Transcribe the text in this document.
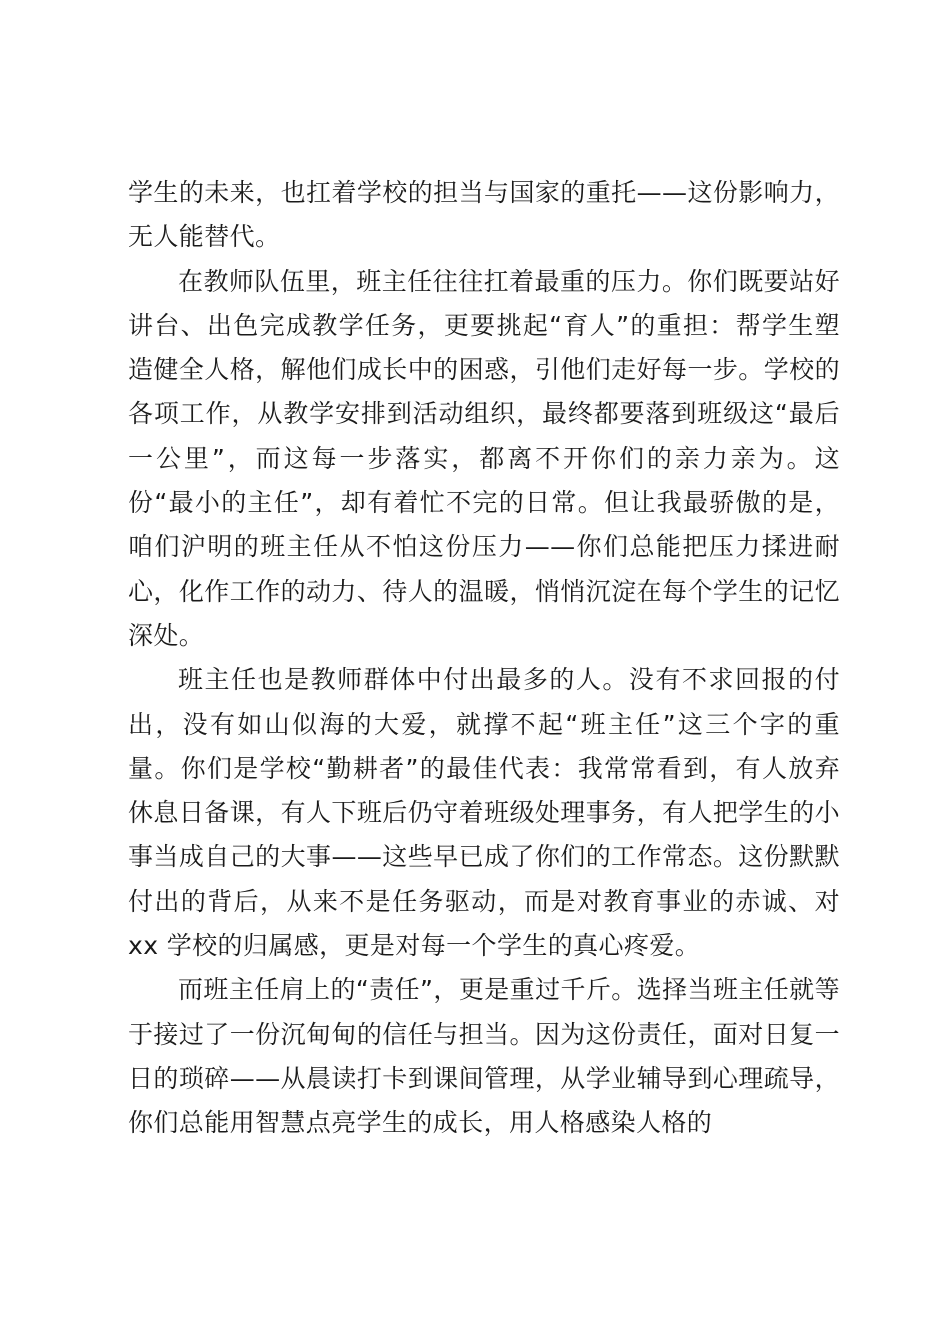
学生的未来，也扛着学校的担当与国家的重托——这份影响力，无人能替代。

在教师队伍里，班主任往往扛着最重的压力。你们既要站好讲台、出色完成教学任务，更要挑起“育人”的重担：帮学生塑造健全人格，解他们成长中的困惑，引他们走好每一步。学校的各项工作，从教学安排到活动组织，最终都要落到班级这“最后一公里”，而这每一步落实，都离不开你们的亲力亲为。这份“最小的主任”，却有着忙不完的日常。但让我最骄傲的是，咱们沪明的班主任从不怕这份压力——你们总能把压力揉进耐心，化作工作的动力、待人的温暖，悄悄沉淀在每个学生的记忆深处。

班主任也是教师群体中付出最多的人。没有不求回报的付出，没有如山似海的大爱，就撑不起“班主任”这三个字的重量。你们是学校“勤耕者”的最佳代表：我常常看到，有人放弃休息日备课，有人下班后仍守着班级处理事务，有人把学生的小事当成自己的大事——这些早已成了你们的工作常态。这份默默付出的背后，从来不是任务驱动，而是对教育事业的赤诚、对 xx 学校的归属感，更是对每一个学生的真心疼爱。

而班主任肩上的“责任”，更是重过千斤。选择当班主任就等于接过了一份沉甸甸的信任与担当。因为这份责任，面对日复一日的琐碎——从晨读打卡到课间管理，从学业辅导到心理疏导，你们总能用智慧点亮学生的成长，用人格感染人格的
